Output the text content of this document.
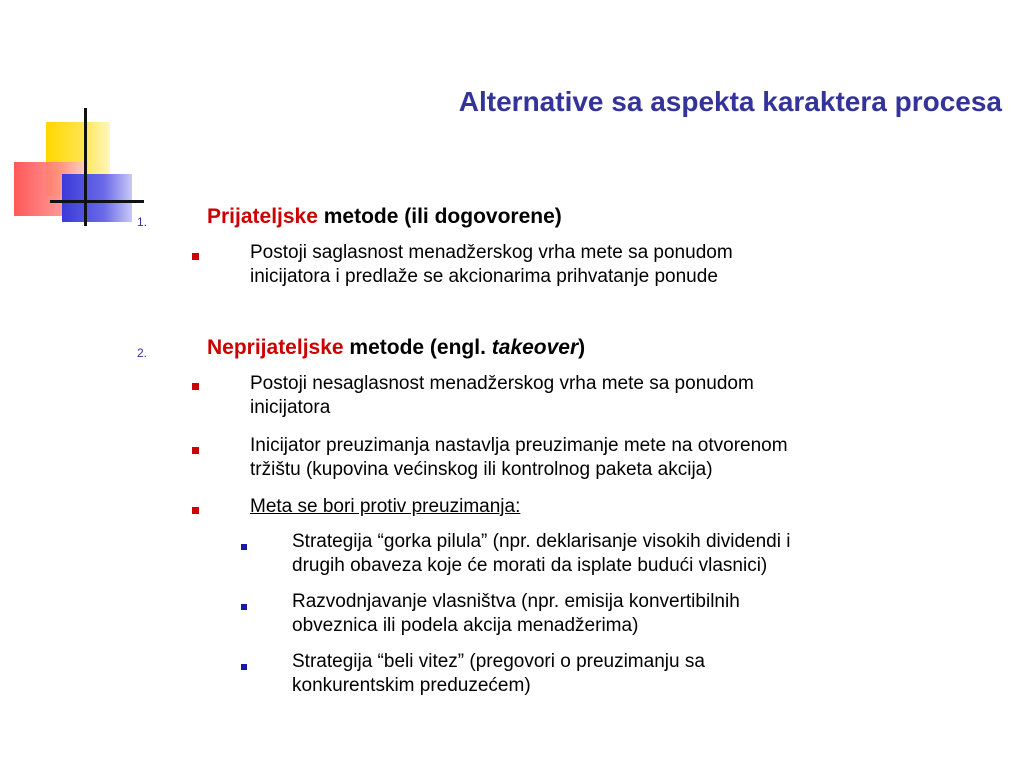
Alternative sa aspekta karaktera procesa
1.	Prijateljske metode (ili dogovorene)
Postoji saglasnost menadžerskog vrha mete sa ponudom
inicijatora i predlaže se akcionarima prihvatanje ponude
2.	Neprijateljske metode (engl. takeover)
Postoji nesaglasnost menadžerskog vrha mete sa ponudom
inicijatora
Inicijator preuzimanja nastavlja preuzimanje mete na otvorenom
tržištu (kupovina većinskog ili kontrolnog paketa akcija)
Meta se bori protiv preuzimanja:
Strategija “gorka pilula” (npr. deklarisanje visokih dividendi i
drugih obaveza koje će morati da isplate budući vlasnici)
Razvodnjavanje vlasništva (npr. emisija konvertibilnih
obveznica ili podela akcija menadžerima)
Strategija “beli vitez” (pregovori o preuzimanju sa
konkurentskim preduzećem)
